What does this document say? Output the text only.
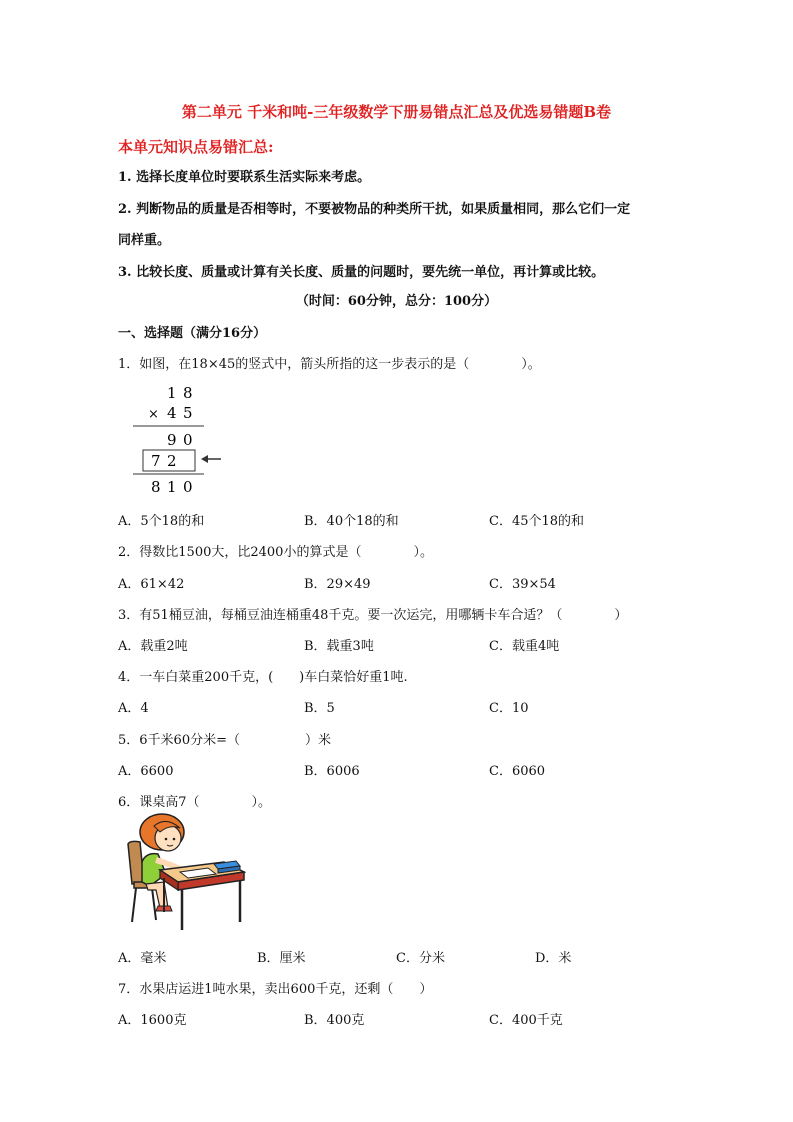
第二单元 千米和吨-三年级数学下册易错点汇总及优选易错题B卷
本单元知识点易错汇总:
1. 选择长度单位时要联系生活实际来考虑。
2. 判断物品的质量是否相等时，不要被物品的种类所干扰，如果质量相同，那么它们一定
同样重。
3. 比较长度、质量或计算有关长度、质量的问题时，要先统一单位，再计算或比较。
（时间：60分钟，总分：100分）
一、选择题（满分16分）
1．如图，在18×45的竖式中，箭头所指的这一步表示的是（　　　　）。
1 8
× 4 5
9 0
7 2
8 1 0
A．5个18的和	B．40个18的和	C．45个18的和
2．得数比1500大，比2400小的算式是（　　　　）。
A．61×42	B．29×49	C．39×54
3．有51桶豆油，每桶豆油连桶重48千克。要一次运完，用哪辆卡车合适？（　　　　）
A．载重2吨	B．载重3吨	C．载重4吨
4．一车白菜重200千克，(　　)车白菜恰好重1吨.
A．4	B．5	C．10
5．6千米60分米=（　　　　　）米
A．6600	B．6006	C．6060
6．课桌高7（　　　　）。
A．毫米	B．厘米	C．分米	D．米
7．水果店运进1吨水果，卖出600千克，还剩（　　）
A．1600克	B．400克	C．400千克
